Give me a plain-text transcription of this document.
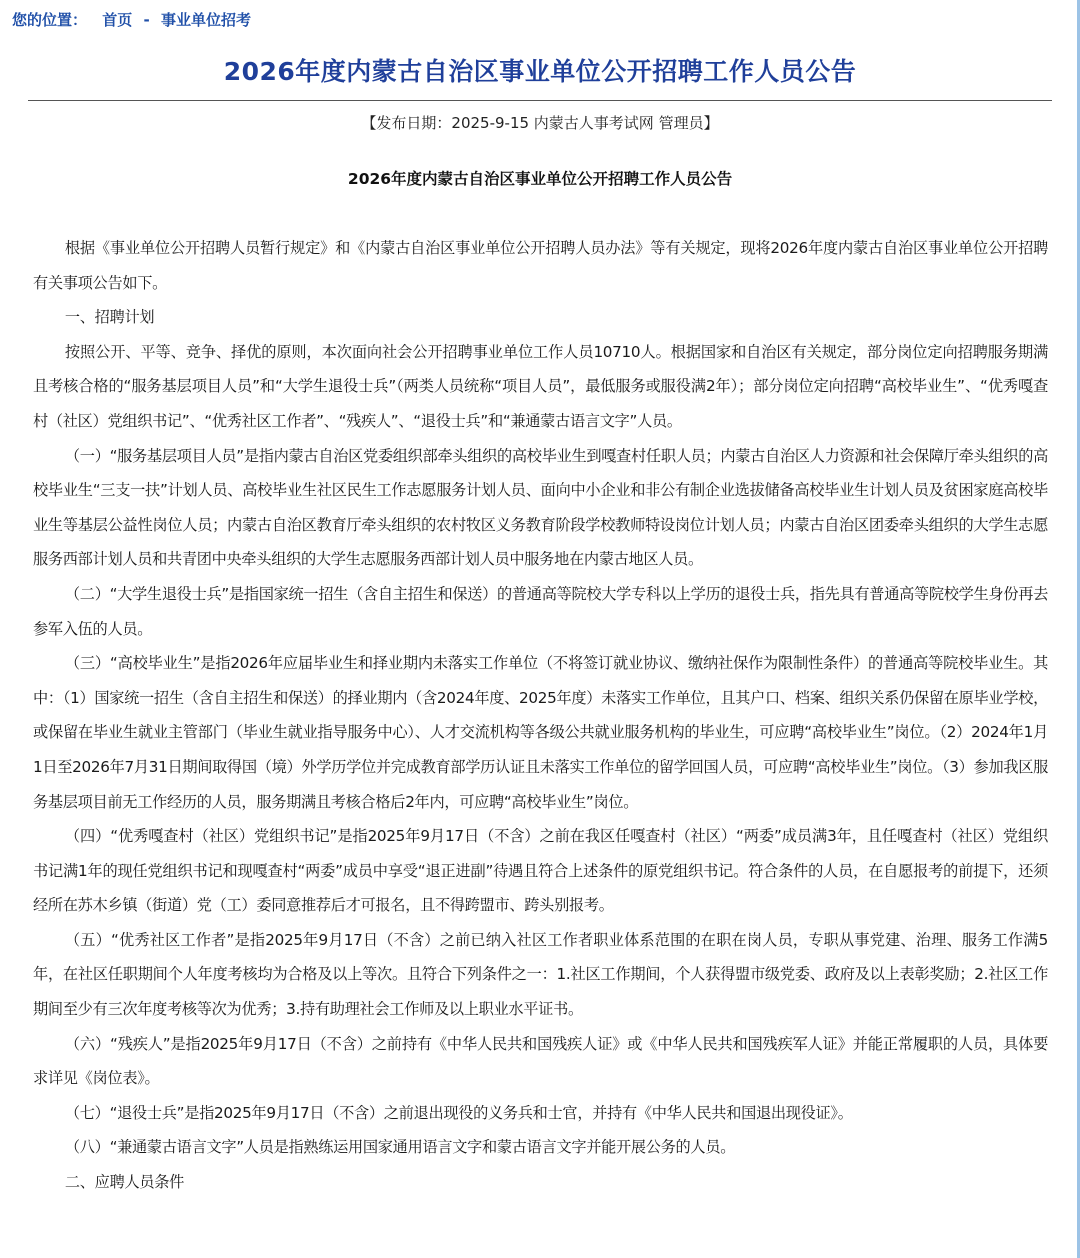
您的位置： 首页 - 事业单位招考
2026年度内蒙古自治区事业单位公开招聘工作人员公告
【发布日期：2025-9-15 内蒙古人事考试网 管理员】
2026年度内蒙古自治区事业单位公开招聘工作人员公告

根据《事业单位公开招聘人员暂行规定》和《内蒙古自治区事业单位公开招聘人员办法》等有关规定，现将2026年度内蒙古自治区事业单位公开招聘有关事项公告如下。

一、招聘计划

按照公开、平等、竞争、择优的原则，本次面向社会公开招聘事业单位工作人员10710人。根据国家和自治区有关规定，部分岗位定向招聘服务期满且考核合格的“服务基层项目人员”和“大学生退役士兵”（两类人员统称“项目人员”，最低服务或服役满2年）；部分岗位定向招聘“高校毕业生”、“优秀嘎查村（社区）党组织书记”、“优秀社区工作者”、“残疾人”、“退役士兵”和“兼通蒙古语言文字”人员。

（一）“服务基层项目人员”是指内蒙古自治区党委组织部牵头组织的高校毕业生到嘎查村任职人员；内蒙古自治区人力资源和社会保障厅牵头组织的高校毕业生“三支一扶”计划人员、高校毕业生社区民生工作志愿服务计划人员、面向中小企业和非公有制企业选拔储备高校毕业生计划人员及贫困家庭高校毕业生等基层公益性岗位人员；内蒙古自治区教育厅牵头组织的农村牧区义务教育阶段学校教师特设岗位计划人员；内蒙古自治区团委牵头组织的大学生志愿服务西部计划人员和共青团中央牵头组织的大学生志愿服务西部计划人员中服务地在内蒙古地区人员。

（二）“大学生退役士兵”是指国家统一招生（含自主招生和保送）的普通高等院校大学专科以上学历的退役士兵，指先具有普通高等院校学生身份再去参军入伍的人员。

（三）“高校毕业生”是指2026年应届毕业生和择业期内未落实工作单位（不将签订就业协议、缴纳社保作为限制性条件）的普通高等院校毕业生。其中：（1）国家统一招生（含自主招生和保送）的择业期内（含2024年度、2025年度）未落实工作单位，且其户口、档案、组织关系仍保留在原毕业学校，或保留在毕业生就业主管部门（毕业生就业指导服务中心）、人才交流机构等各级公共就业服务机构的毕业生，可应聘“高校毕业生”岗位。（2）2024年1月1日至2026年7月31日期间取得国（境）外学历学位并完成教育部学历认证且未落实工作单位的留学回国人员，可应聘“高校毕业生”岗位。（3）参加我区服务基层项目前无工作经历的人员，服务期满且考核合格后2年内，可应聘“高校毕业生”岗位。

（四）“优秀嘎查村（社区）党组织书记”是指2025年9月17日（不含）之前在我区任嘎查村（社区）“两委”成员满3年，且任嘎查村（社区）党组织书记满1年的现任党组织书记和现嘎查村“两委”成员中享受“退正进副”待遇且符合上述条件的原党组织书记。符合条件的人员，在自愿报考的前提下，还须经所在苏木乡镇（街道）党（工）委同意推荐后才可报名，且不得跨盟市、跨头别报考。

（五）“优秀社区工作者”是指2025年9月17日（不含）之前已纳入社区工作者职业体系范围的在职在岗人员，专职从事党建、治理、服务工作满5年，在社区任职期间个人年度考核均为合格及以上等次。且符合下列条件之一：1.社区工作期间，个人获得盟市级党委、政府及以上表彰奖励；2.社区工作期间至少有三次年度考核等次为优秀；3.持有助理社会工作师及以上职业水平证书。

（六）“残疾人”是指2025年9月17日（不含）之前持有《中华人民共和国残疾人证》或《中华人民共和国残疾军人证》并能正常履职的人员，具体要求详见《岗位表》。

（七）“退役士兵”是指2025年9月17日（不含）之前退出现役的义务兵和士官，并持有《中华人民共和国退出现役证》。

（八）“兼通蒙古语言文字”人员是指熟练运用国家通用语言文字和蒙古语言文字并能开展公务的人员。

二、应聘人员条件
